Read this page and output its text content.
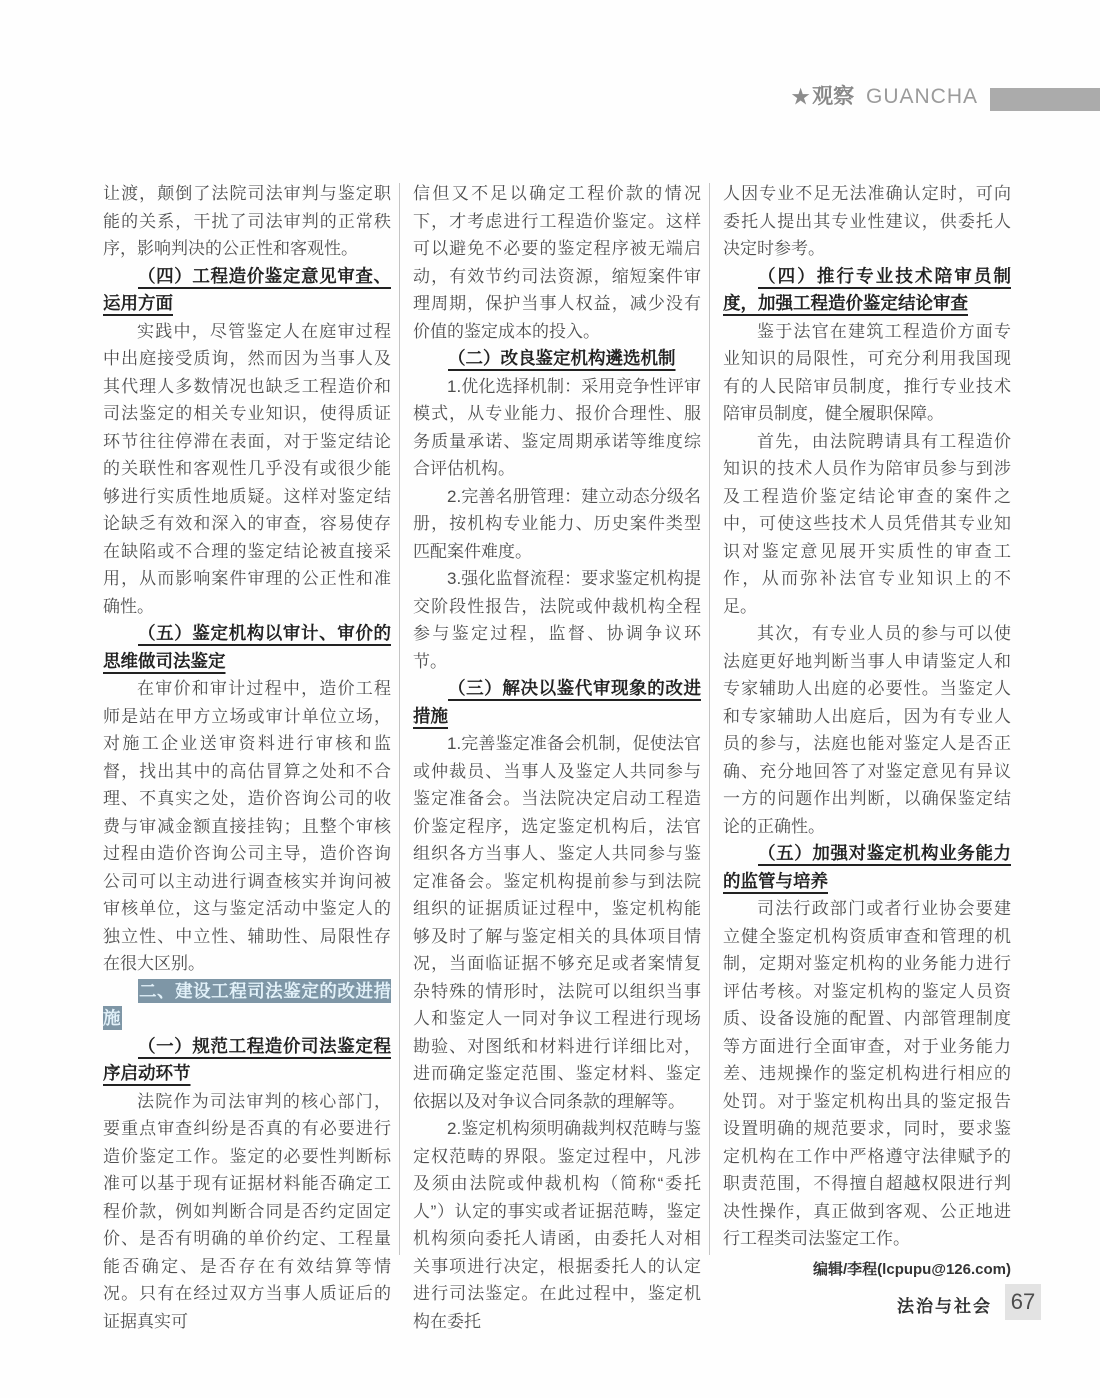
★观察 GUANCHA

让渡，颠倒了法院司法审判与鉴定职能的关系，干扰了司法审判的正常秩序，影响判决的公正性和客观性。

（四）工程造价鉴定意见审查、运用方面

实践中，尽管鉴定人在庭审过程中出庭接受质询，然而因为当事人及其代理人多数情况也缺乏工程造价和司法鉴定的相关专业知识，使得质证环节往往停滞在表面，对于鉴定结论的关联性和客观性几乎没有或很少能够进行实质性地质疑。这样对鉴定结论缺乏有效和深入的审查，容易使存在缺陷或不合理的鉴定结论被直接采用，从而影响案件审理的公正性和准确性。

（五）鉴定机构以审计、审价的思维做司法鉴定

在审价和审计过程中，造价工程师是站在甲方立场或审计单位立场，对施工企业送审资料进行审核和监督，找出其中的高估冒算之处和不合理、不真实之处，造价咨询公司的收费与审减金额直接挂钩；且整个审核过程由造价咨询公司主导，造价咨询公司可以主动进行调查核实并询问被审核单位，这与鉴定活动中鉴定人的独立性、中立性、辅助性、局限性存在很大区别。

二、建设工程司法鉴定的改进措施

（一）规范工程造价司法鉴定程序启动环节

法院作为司法审判的核心部门，要重点审查纠纷是否真的有必要进行造价鉴定工作。鉴定的必要性判断标准可以基于现有证据材料能否确定工程价款，例如判断合同是否约定固定价、是否有明确的单价约定、工程量能否确定、是否存在有效结算等情况。只有在经过双方当事人质证后的证据真实可

信但又不足以确定工程价款的情况下，才考虑进行工程造价鉴定。这样可以避免不必要的鉴定程序被无端启动，有效节约司法资源，缩短案件审理周期，保护当事人权益，减少没有价值的鉴定成本的投入。

（二）改良鉴定机构遴选机制

1.优化选择机制：采用竞争性评审模式，从专业能力、报价合理性、服务质量承诺、鉴定周期承诺等维度综合评估机构。

2.完善名册管理：建立动态分级名册，按机构专业能力、历史案件类型匹配案件难度。

3.强化监督流程：要求鉴定机构提交阶段性报告，法院或仲裁机构全程参与鉴定过程，监督、协调争议环节。

（三）解决以鉴代审现象的改进措施

1.完善鉴定准备会机制，促使法官或仲裁员、当事人及鉴定人共同参与鉴定准备会。当法院决定启动工程造价鉴定程序，选定鉴定机构后，法官组织各方当事人、鉴定人共同参与鉴定准备会。鉴定机构提前参与到法院组织的证据质证过程中，鉴定机构能够及时了解与鉴定相关的具体项目情况，当面临证据不够充足或者案情复杂特殊的情形时，法院可以组织当事人和鉴定人一同对争议工程进行现场勘验、对图纸和材料进行详细比对，进而确定鉴定范围、鉴定材料、鉴定依据以及对争议合同条款的理解等。

2.鉴定机构须明确裁判权范畴与鉴定权范畴的界限。鉴定过程中，凡涉及须由法院或仲裁机构（简称“委托人”）认定的事实或者证据范畴，鉴定机构须向委托人请函，由委托人对相关事项进行决定，根据委托人的认定进行司法鉴定。在此过程中，鉴定机构在委托

人因专业不足无法准确认定时，可向委托人提出其专业性建议，供委托人决定时参考。

（四）推行专业技术陪审员制度，加强工程造价鉴定结论审查

鉴于法官在建筑工程造价方面专业知识的局限性，可充分利用我国现有的人民陪审员制度，推行专业技术陪审员制度，健全履职保障。

首先，由法院聘请具有工程造价知识的技术人员作为陪审员参与到涉及工程造价鉴定结论审查的案件之中，可使这些技术人员凭借其专业知识对鉴定意见展开实质性的审查工作，从而弥补法官专业知识上的不足。

其次，有专业人员的参与可以使法庭更好地判断当事人申请鉴定人和专家辅助人出庭的必要性。当鉴定人和专家辅助人出庭后，因为有专业人员的参与，法庭也能对鉴定人是否正确、充分地回答了对鉴定意见有异议一方的问题作出判断，以确保鉴定结论的正确性。

（五）加强对鉴定机构业务能力的监管与培养

司法行政部门或者行业协会要建立健全鉴定机构资质审查和管理的机制，定期对鉴定机构的业务能力进行评估考核。对鉴定机构的鉴定人员资质、设备设施的配置、内部管理制度等方面进行全面审查，对于业务能力差、违规操作的鉴定机构进行相应的处罚。对于鉴定机构出具的鉴定报告设置明确的规范要求，同时，要求鉴定机构在工作中严格遵守法律赋予的职责范围，不得擅自超越权限进行判决性操作，真正做到客观、公正地进行工程类司法鉴定工作。

编辑/李程(lcpupu@126.com)

法治与社会 67
